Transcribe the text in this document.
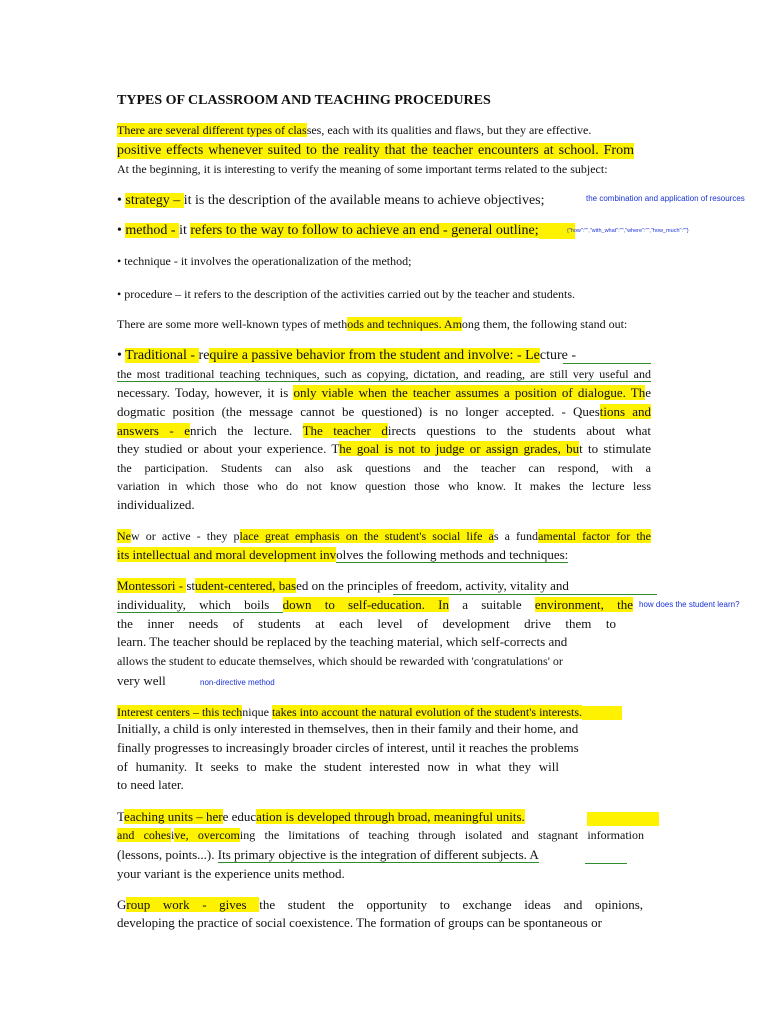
TYPES OF CLASSROOM AND TEACHING PROCEDURES
There are several different types of classes, each with its qualities and flaws, but they are effective.
positive effects whenever suited to the reality that the teacher encounters at school. From
At the beginning, it is interesting to verify the meaning of some important terms related to the subject:
• strategy – it is the description of the available means to achieve objectives;	the combination and application of resources
• method - it refers to the way to follow to achieve an end - general outline;	{"how":"","with_what":"","where":"","how_much":""}
• technique - it involves the operationalization of the method;
• procedure – it refers to the description of the activities carried out by the teacher and students.
There are some more well-known types of methods and techniques. Among them, the following stand out:
• Traditional - require a passive behavior from the student and involve: - Lecture -
the most traditional teaching techniques, such as copying, dictation, and reading, are still very useful and
necessary. Today, however, it is only viable when the teacher assumes a position of dialogue. The
dogmatic position (the message cannot be questioned) is no longer accepted. - Questions and
answers - enrich the lecture. The teacher directs questions to the students about what
they studied or about your experience. The goal is not to judge or assign grades, but to stimulate
the participation. Students can also ask questions and the teacher can respond, with a
variation in which those who do not know question those who know. It makes the lecture less
individualized.
New or active - they place great emphasis on the student's social life as a fundamental factor for the
its intellectual and moral development involves the following methods and techniques:
Montessori - student-centered, based on the principles of freedom, activity, vitality and
individuality, which boils down to self-education. In a suitable environment, the how does the student learn?
the inner needs of students at each level of development drive them to
learn. The teacher should be replaced by the teaching material, which self-corrects and
allows the student to educate themselves, which should be rewarded with 'congratulations' or
very well	non-directive method
Interest centers – this technique takes into account the natural evolution of the student's interests.
Initially, a child is only interested in themselves, then in their family and their home, and
finally progresses to increasingly broader circles of interest, until it reaches the problems
of humanity. It seeks to make the student interested now in what they will
to need later.
Teaching units – here education is developed through broad, meaningful units.
and cohesive, overcoming the limitations of teaching through isolated and stagnant information
(lessons, points...). Its primary objective is the integration of different subjects. A
your variant is the experience units method.
Group work - gives the student the opportunity to exchange ideas and opinions,
developing the practice of social coexistence. The formation of groups can be spontaneous or
